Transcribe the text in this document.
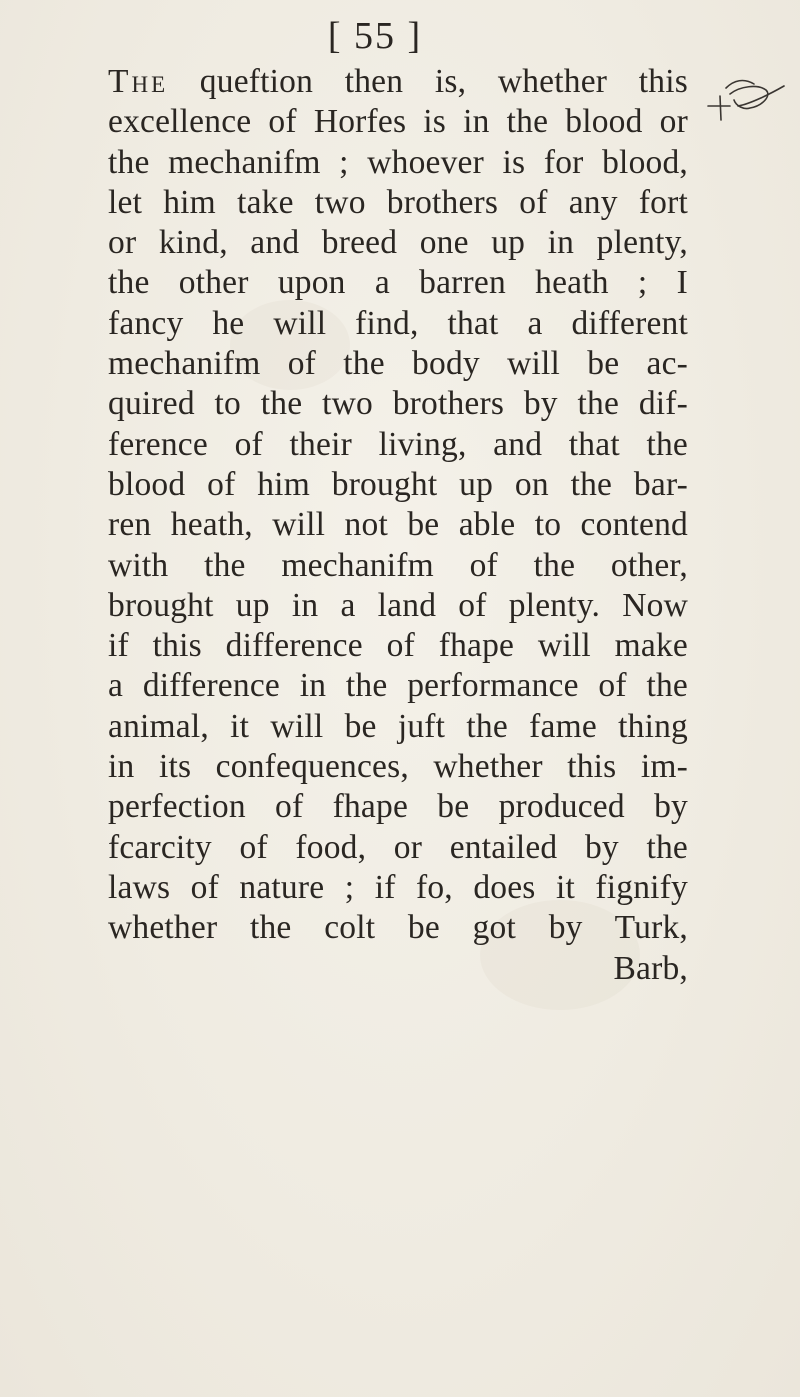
[ 55 ]
The queftion then is, whether this
excellence of Horfes is in the blood or
the mechanifm ; whoever is for blood,
let him take two brothers of any fort
or kind, and breed one up in plenty,
the other upon a barren heath ; I
fancy he will find, that a different
mechanifm of the body will be ac-
quired to the two brothers by the dif-
ference of their living, and that the
blood of him brought up on the bar-
ren heath, will not be able to contend
with the mechanifm of the other,
brought up in a land of plenty. Now
if this difference of fhape will make
a difference in the performance of the
animal, it will be juft the fame thing
in its confequences, whether this im-
perfection of fhape be produced by
fcarcity of food, or entailed by the
laws of nature ; if fo, does it fignify
whether the colt be got by Turk,
Barb,
